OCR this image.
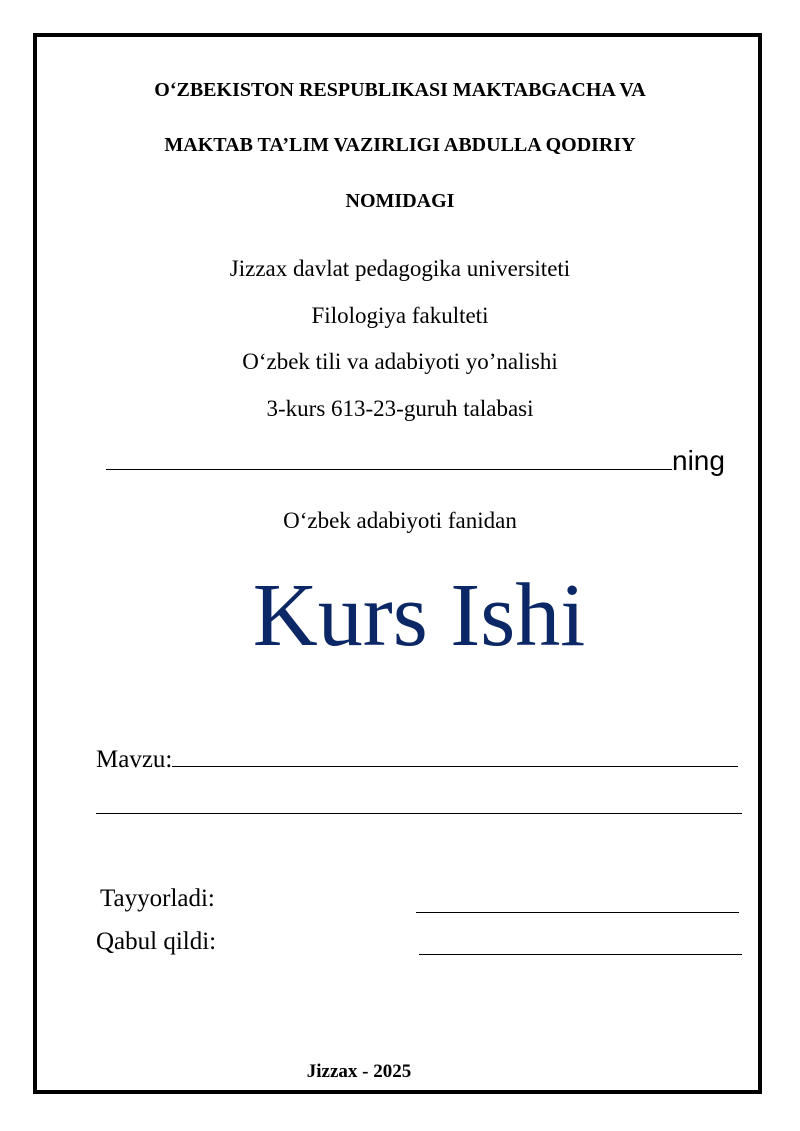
O‘ZBEKISTON RESPUBLIKASI MAKTABGACHA VA
MAKTAB TA’LIM VAZIRLIGI ABDULLA QODIRIY
NOMIDAGI
Jizzax davlat pedagogika universiteti
Filologiya fakulteti
O‘zbek tili va adabiyoti yo’nalishi
3-kurs 613-23-guruh talabasi
ning
O‘zbek adabiyoti fanidan
Kurs Ishi
Mavzu:
Tayyorladi:
Qabul qildi:
Jizzax - 2025
